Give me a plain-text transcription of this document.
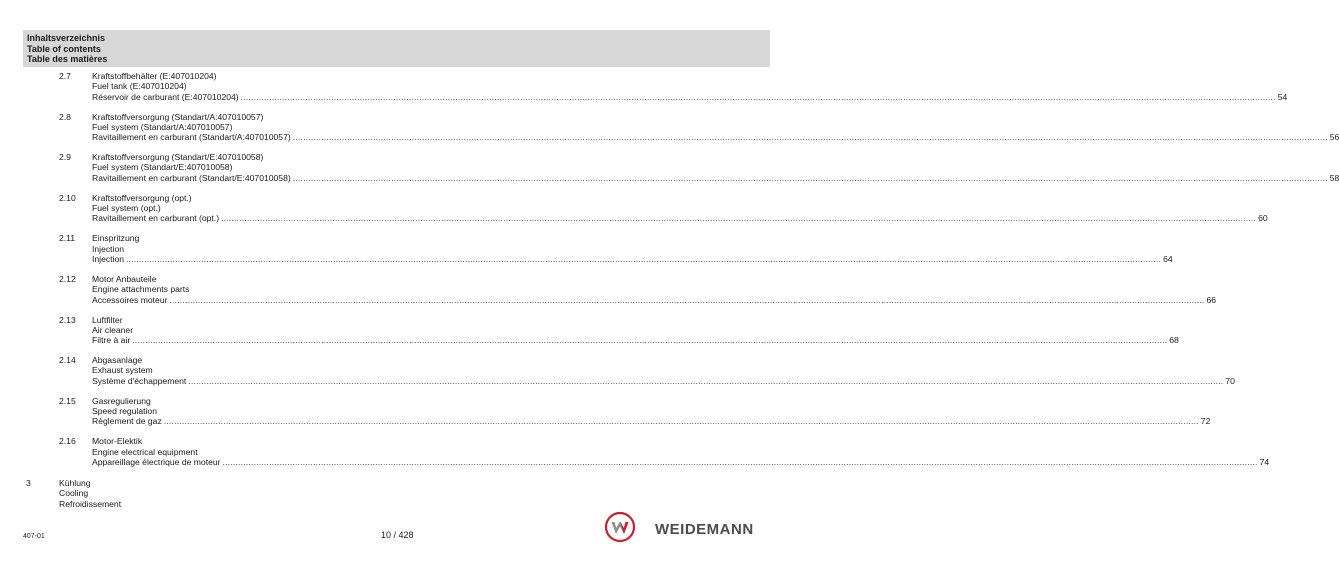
Inhaltsverzeichnis
Table of contents
Table des matières
2.7 Kraftstoffbehälter (E:407010204)
Fuel tank (E:407010204)
Réservoir de carburant (E:407010204) ................................................................................................................................................................................................................................................................................................................................................................................................................ 54
2.8 Kraftstoffversorgung (Standart/A:407010057)
Fuel system (Standart/A:407010057)
Ravitaillement en carburant (Standart/A:407010057) ................................................................................................................................................................................................................................................................................................................................................................................................................ 56
2.9 Kraftstoffversorgung (Standart/E:407010058)
Fuel system (Standart/E:407010058)
Ravitaillement en carburant (Standart/E:407010058) ................................................................................................................................................................................................................................................................................................................................................................................................................ 58
2.10 Kraftstoffversorgung (opt.)
Fuel system (opt.)
Ravitaillement en carburant (opt.) ................................................................................................................................................................................................................................................................................................................................................................................................................ 60
2.11 Einspritzung
Injection
Injection ................................................................................................................................................................................................................................................................................................................................................................................................................ 64
2.12 Motor Anbauteile
Engine attachments parts
Accessoires moteur ................................................................................................................................................................................................................................................................................................................................................................................................................ 66
2.13 Luftfilter
Air cleaner
Filtre à air ................................................................................................................................................................................................................................................................................................................................................................................................................ 68
2.14 Abgasanlage
Exhaust system
Système d'échappement ................................................................................................................................................................................................................................................................................................................................................................................................................ 70
2.15 Gasregulierung
Speed regulation
Règlement de gaz ................................................................................................................................................................................................................................................................................................................................................................................................................ 72
2.16 Motor-Elektik
Engine electrical equipment
Appareillage électrique de moteur ................................................................................................................................................................................................................................................................................................................................................................................................................ 74
3	Kühlung
Cooling
Refroidissement
407-01	10 / 428	WEIDEMANN
